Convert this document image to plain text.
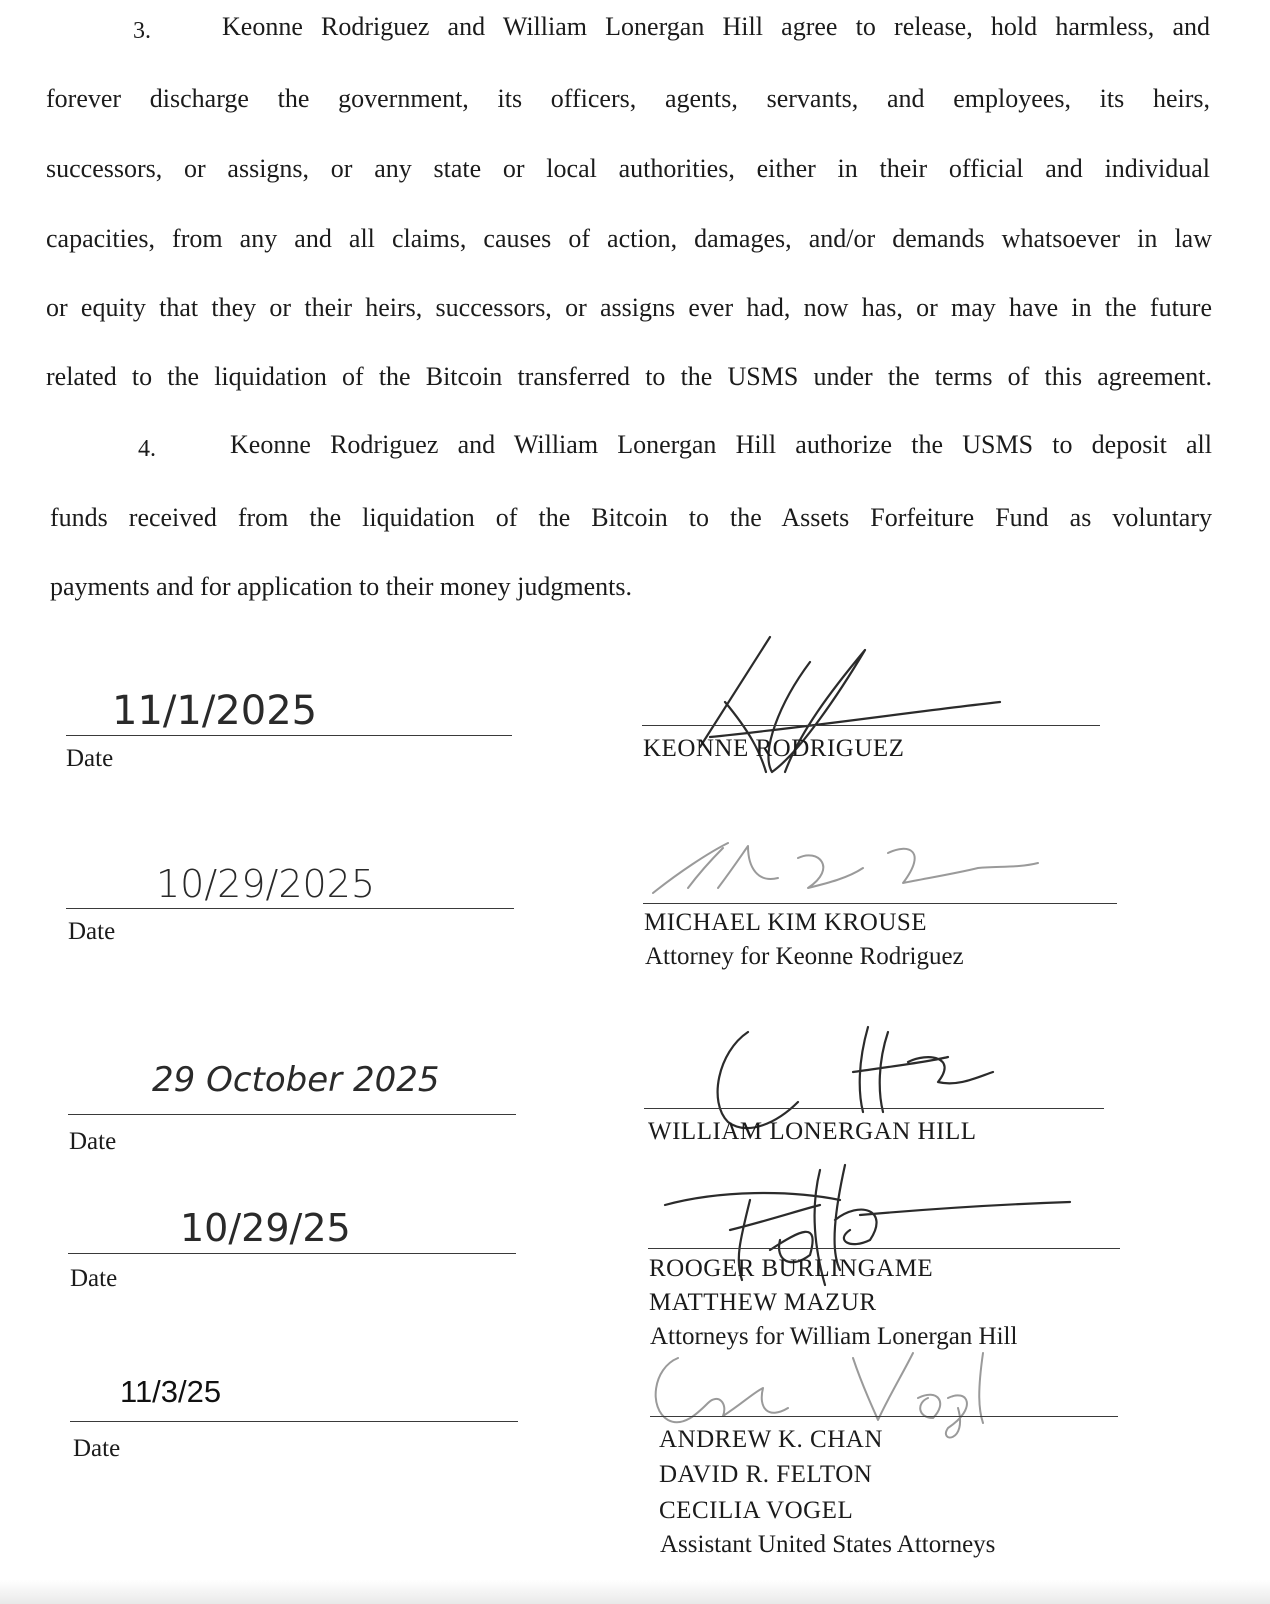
3.	Keonne Rodriguez and William Lonergan Hill agree to release, hold harmless, and
forever discharge the government, its officers, agents, servants, and employees, its heirs,
successors, or assigns, or any state or local authorities, either in their official and individual
capacities, from any and all claims, causes of action, damages, and/or demands whatsoever in law
or equity that they or their heirs, successors, or assigns ever had, now has, or may have in the future
related to the liquidation of the Bitcoin transferred to the USMS under the terms of this agreement.
4.	Keonne Rodriguez and William Lonergan Hill authorize the USMS to deposit all
funds received from the liquidation of the Bitcoin to the Assets Forfeiture Fund as voluntary
payments and for application to their money judgments.
11/1/2025
Date	KEONNE RODRIGUEZ
10/29/2025
Date	MICHAEL KIM KROUSE
Attorney for Keonne Rodriguez
29 October 2025
Date	WILLIAM LONERGAN HILL
10/29/25
Date	ROOGER BURLINGAME
MATTHEW MAZUR
Attorneys for William Lonergan Hill
11/3/25
Date	ANDREW K. CHAN
DAVID R. FELTON
CECILIA VOGEL
Assistant United States Attorneys
